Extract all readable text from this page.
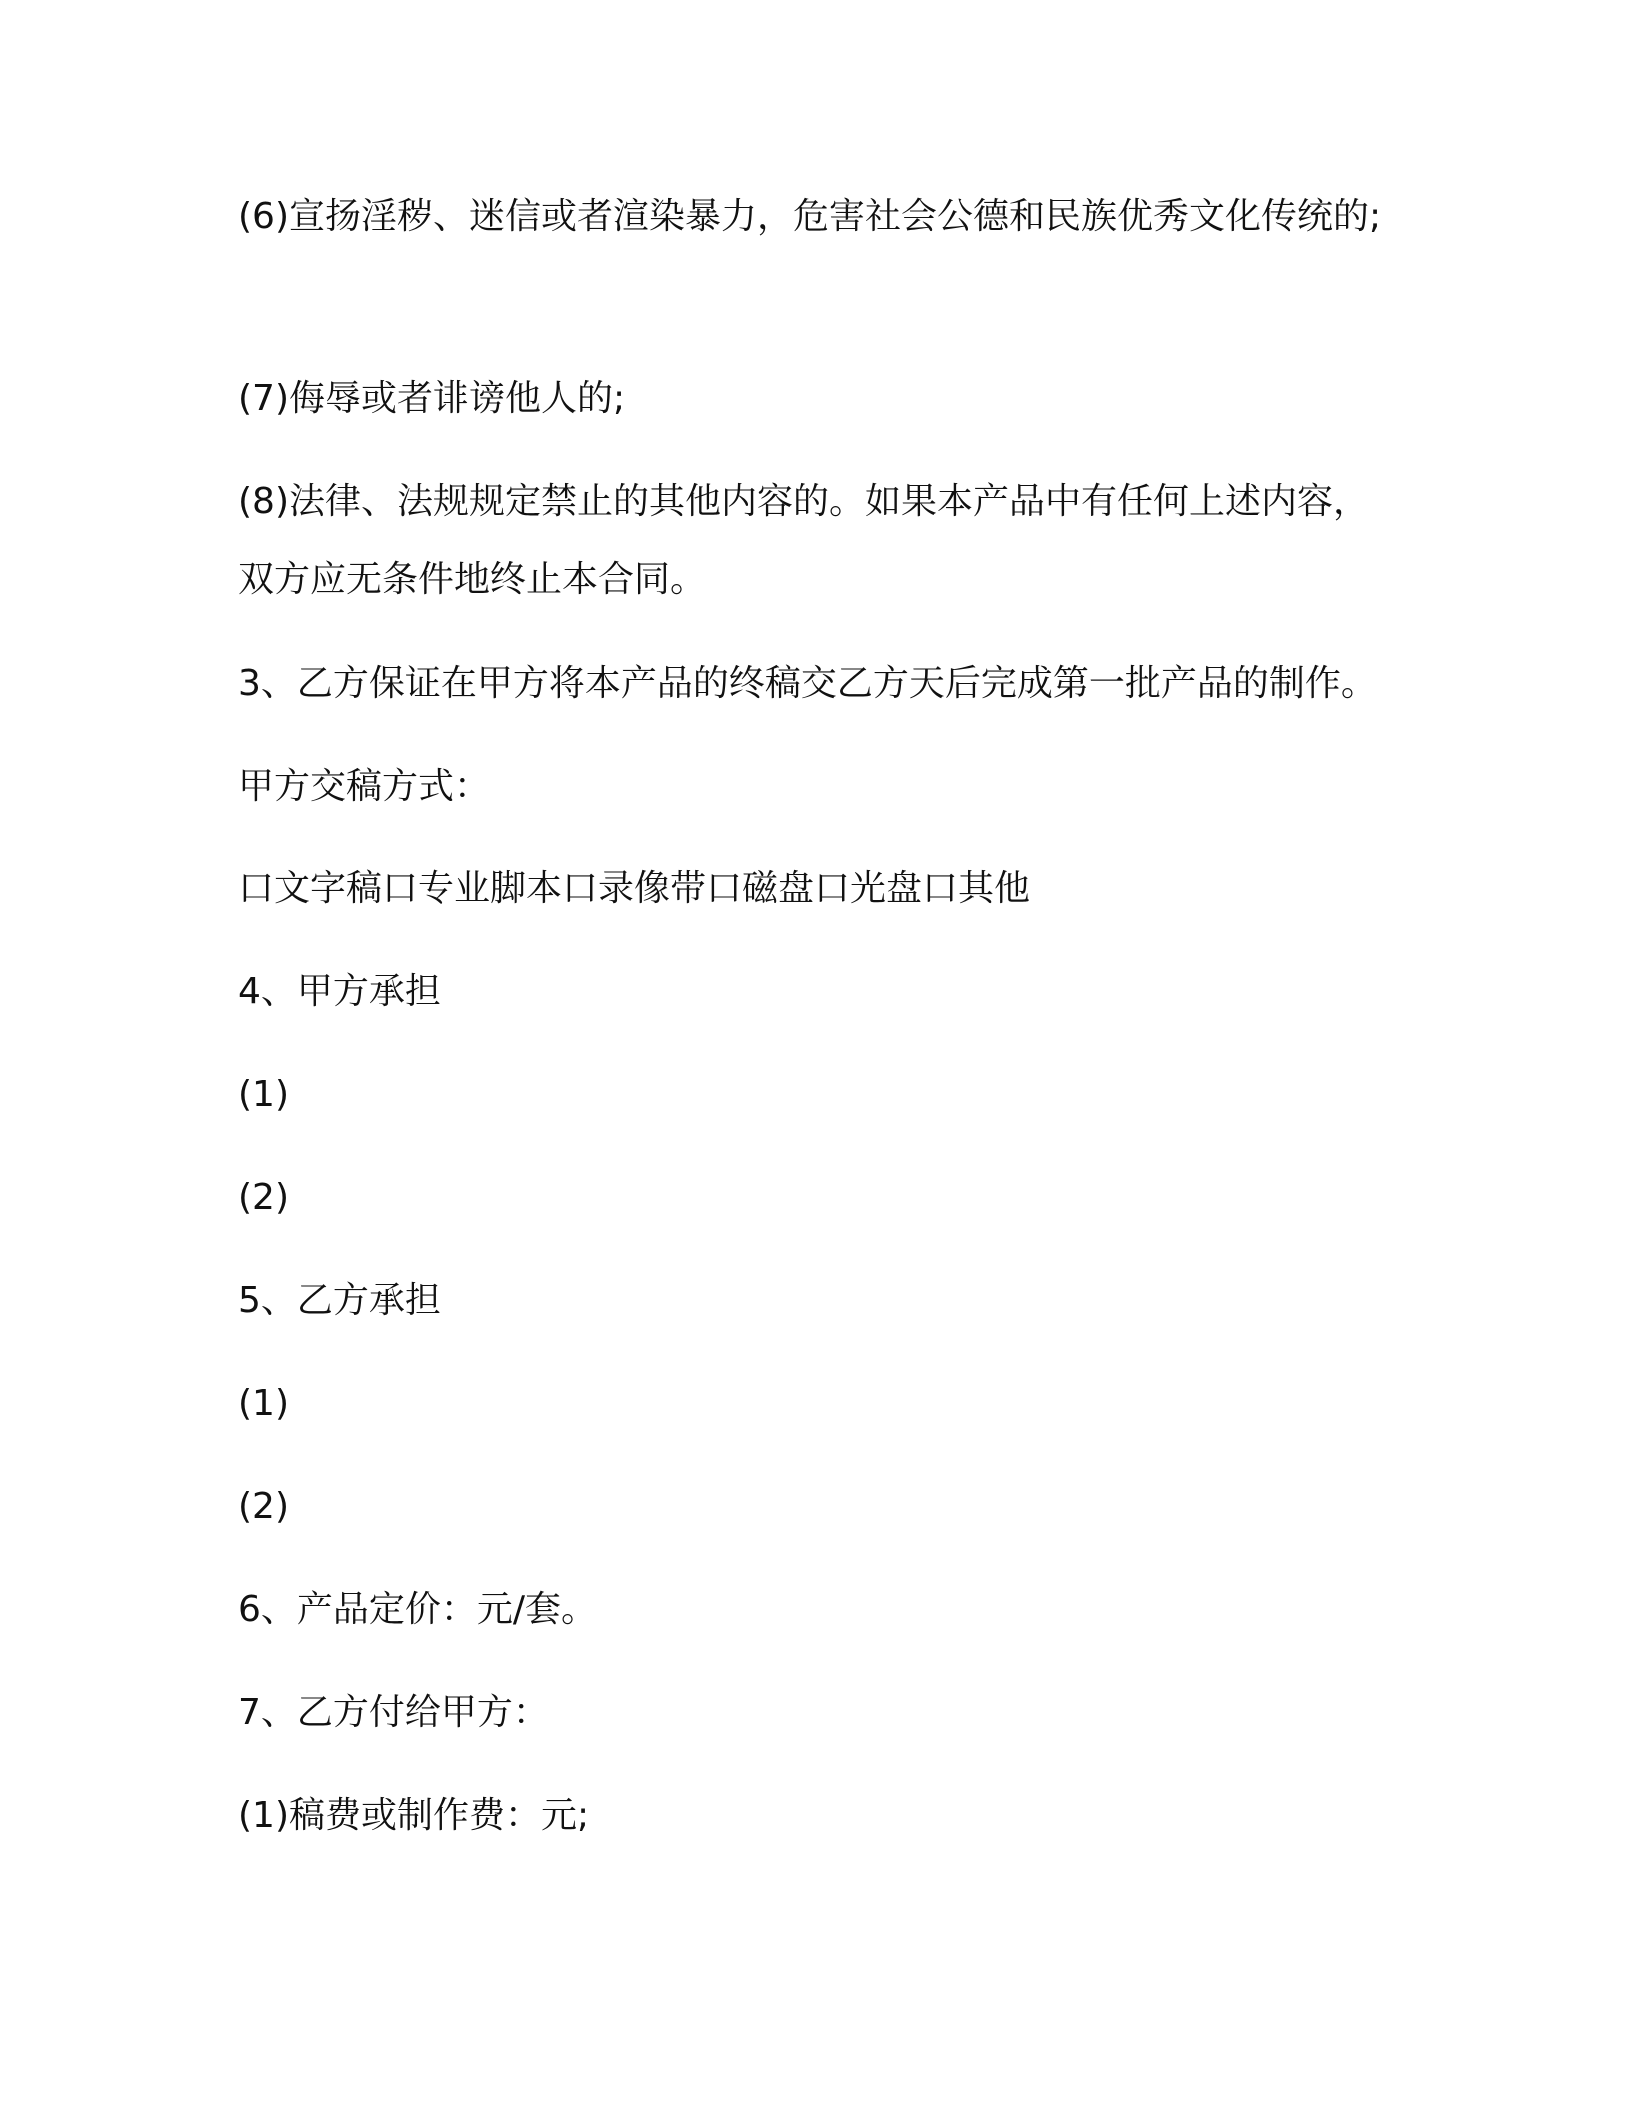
(6)宣扬淫秽、迷信或者渲染暴力，危害社会公德和民族优秀文化传统的;

(7)侮辱或者诽谤他人的;

(8)法律、法规规定禁止的其他内容的。如果本产品中有任何上述内容，双方应无条件地终止本合同。

3、乙方保证在甲方将本产品的终稿交乙方天后完成第一批产品的制作。

甲方交稿方式：

口文字稿口专业脚本口录像带口磁盘口光盘口其他

4、甲方承担

(1)

(2)

5、乙方承担

(1)

(2)

6、产品定价：元/套。

7、乙方付给甲方：

(1)稿费或制作费：元;
